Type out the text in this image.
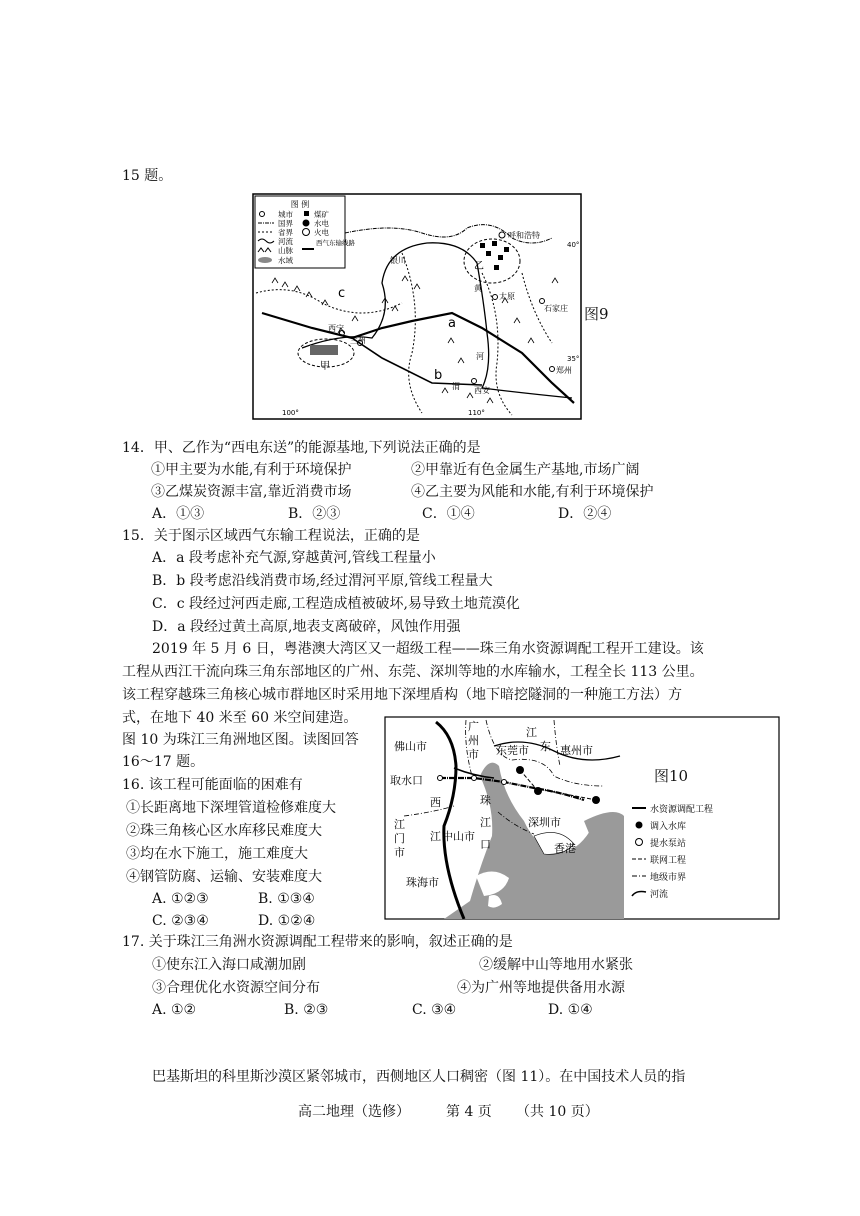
15 题。
图 例
城市
国界
省界
河流
山脉
水域
煤矿
水电
火电
西气东输线路
呼和浩特
太原
石家庄
西宁
兰州
郑州
西安
银川
a
b
c
甲
乙
黄
河
渭
40°
35°
100°	110°
图9
14．甲、乙作为“西电东送”的能源基地,下列说法正确的是
①甲主要为水能,有利于环境保护	②甲靠近有色金属生产基地,市场广阔
③乙煤炭资源丰富,靠近消费市场	④乙主要为风能和水能,有利于环境保护
A．①③	B．②③	C．①④	D．②④
15．关于图示区域西气东输工程说法，正确的是
A．a 段考虑补充气源,穿越黄河,管线工程量小
B．b 段考虑沿线消费市场,经过渭河平原,管线工程量大
C．c 段经过河西走廊,工程造成植被破坏,易导致土地荒漠化
D．a 段经过黄土高原,地表支离破碎，风蚀作用强
2019 年 5 月 6 日，粤港澳大湾区又一超级工程——珠三角水资源调配工程开工建设。该
工程从西江干流向珠三角东部地区的广州、东莞、深圳等地的水库输水，工程全长 113 公里。
该工程穿越珠三角核心城市群地区时采用地下深埋盾构（地下暗挖隧洞的一种施工方法）方
式，在地下 40 米至 60 米空间建造。
图 10 为珠江三角洲地区图。读图回答
16～17 题。
16. 该工程可能面临的困难有
①长距离地下深埋管道检修难度大
②珠三角核心区水库移民难度大
③均在水下施工，施工难度大
④钢管防腐、运输、安装难度大
A. ①②③	B. ①③④
C. ②③④	D. ①②④
佛山市
广
州
市 东莞市	惠州市
江
东
取水口
西
江
江
门
市
中山市
珠
江
口
深圳市
香港
珠海市
水资源调配工程
调入水库
提水泵站
联网工程
地级市界
河流
图10
17. 关于珠江三角洲水资源调配工程带来的影响，叙述正确的是
①使东江入海口咸潮加剧	②缓解中山等地用水紧张
③合理优化水资源空间分布	④为广州等地提供备用水源
A. ①②	B. ②③	C. ③④	D. ①④
巴基斯坦的科里斯沙漠区紧邻城市，西侧地区人口稠密（图 11）。在中国技术人员的指
高二地理（选修）	第 4 页 （共 10 页）
